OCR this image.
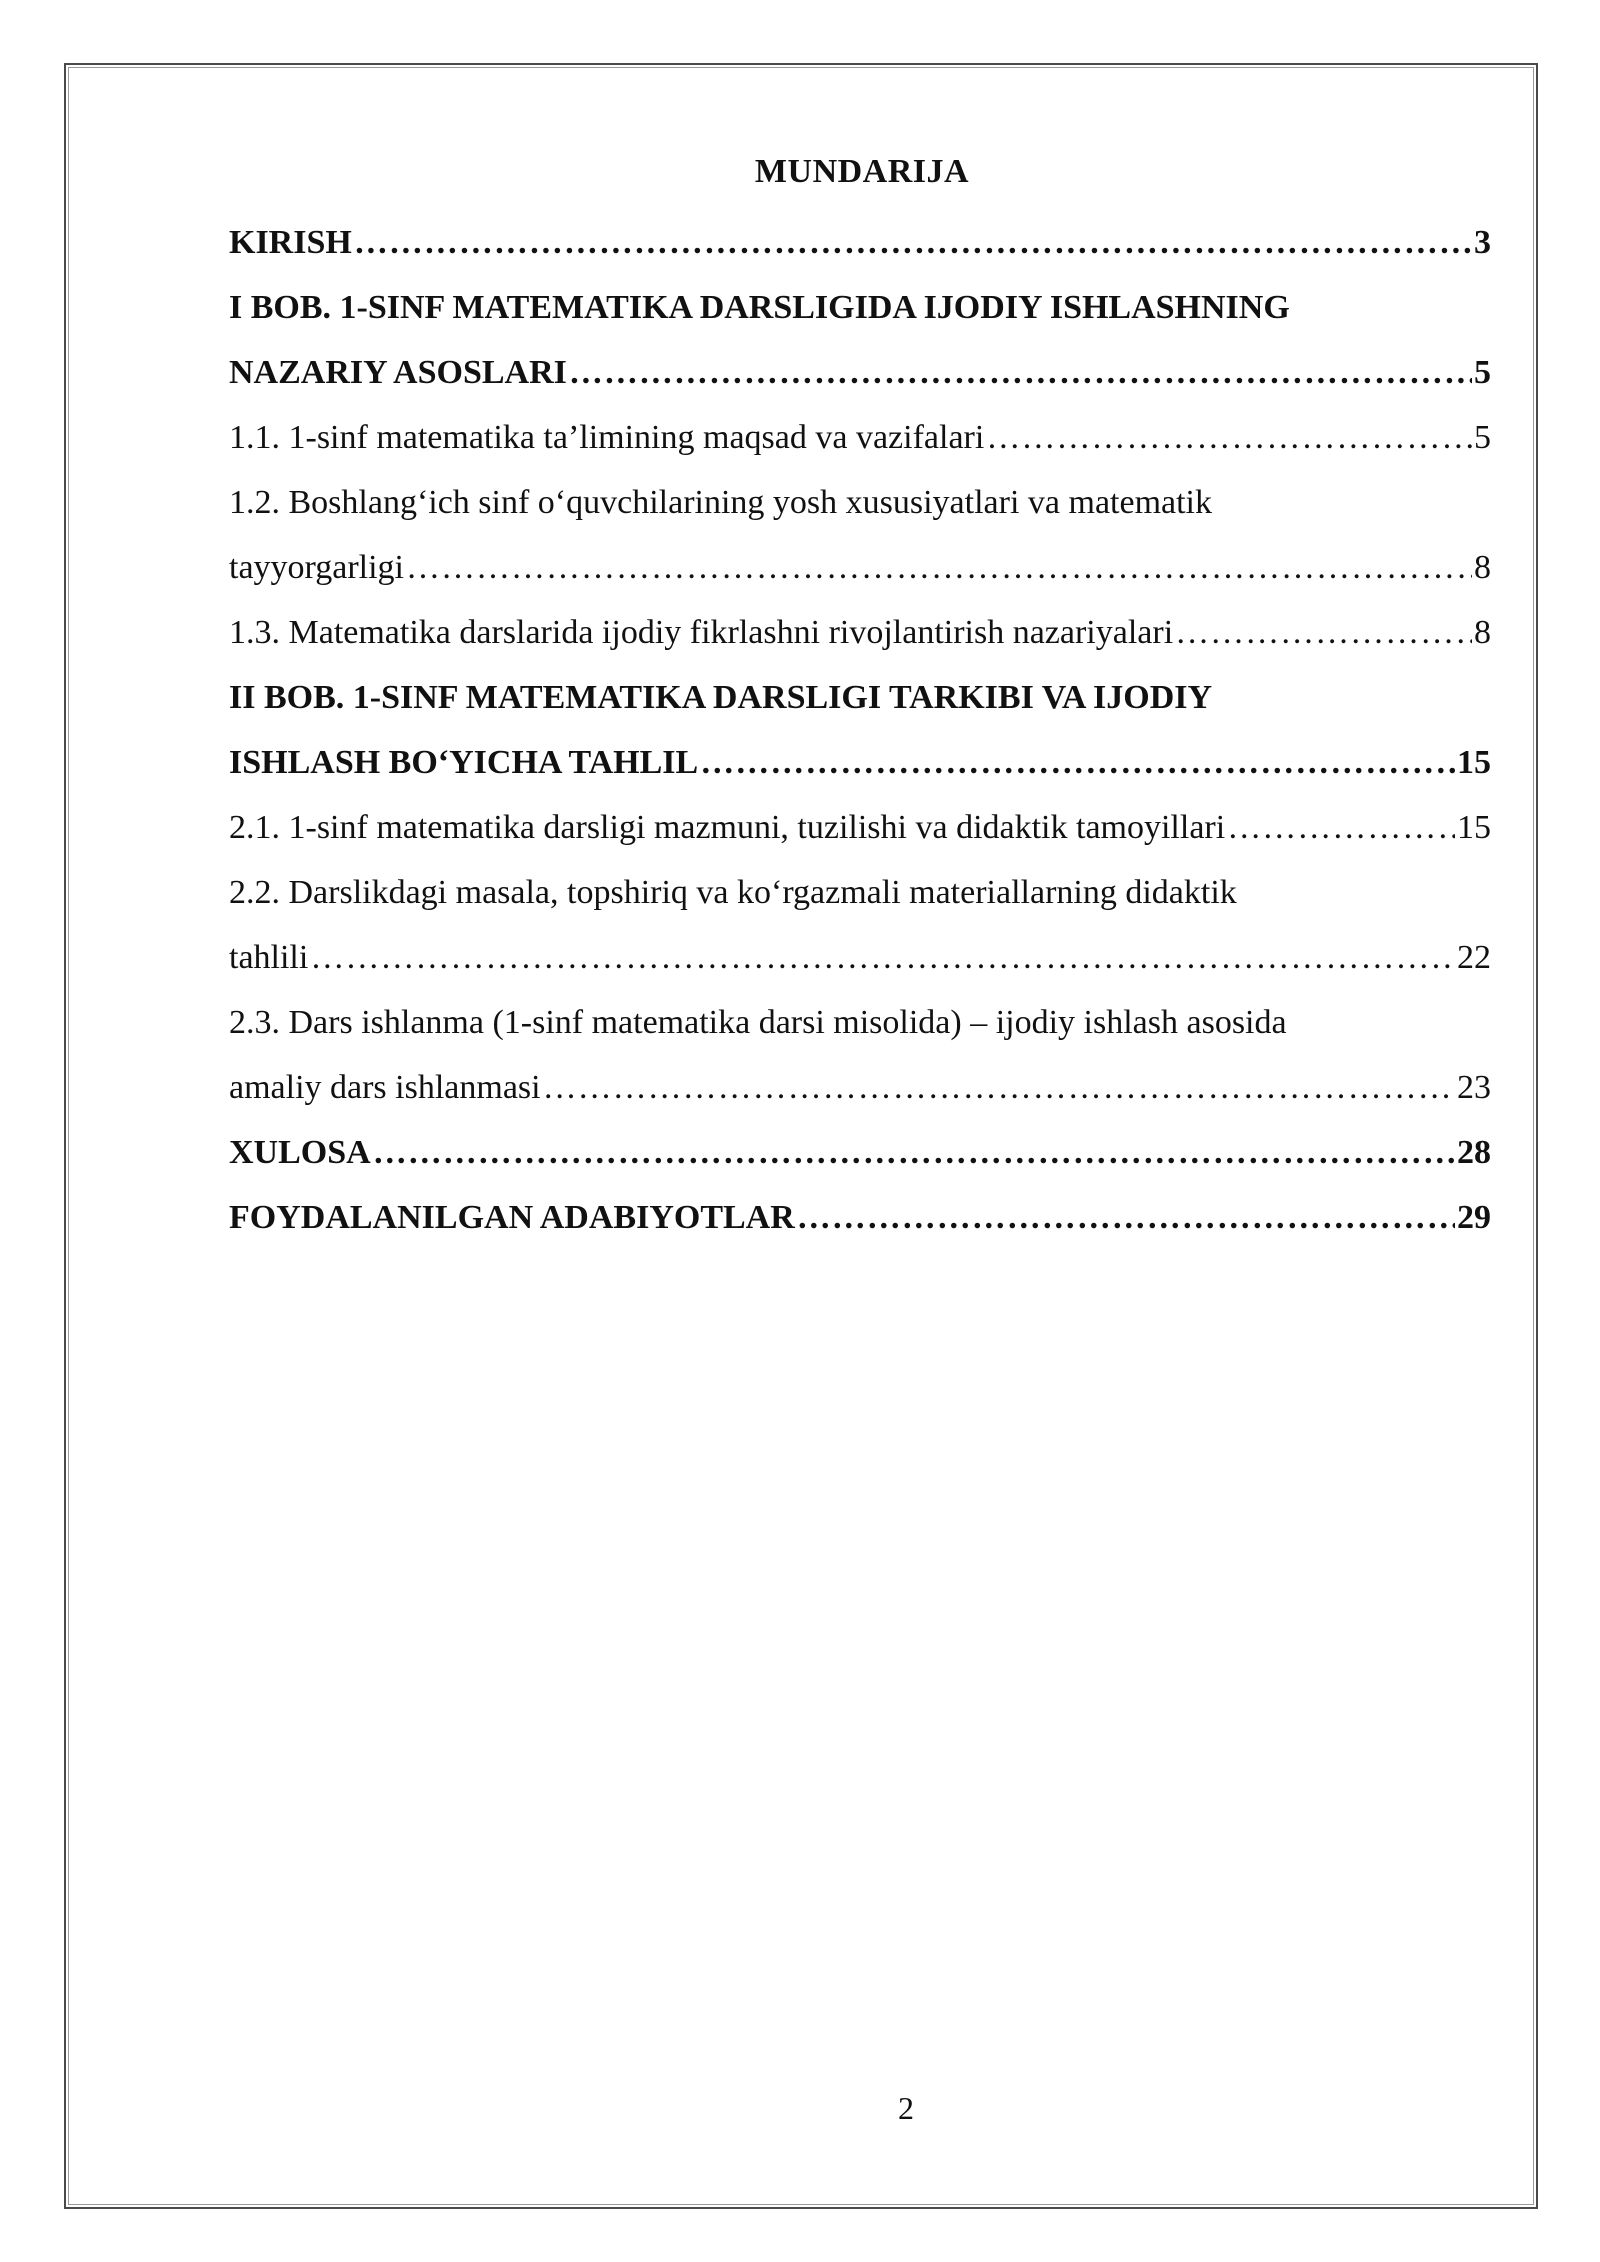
MUNDARIJA
KIRISH ……………………………………………………………………………………………………………………………………………………………	3
I BOB. 1-SINF MATEMATIKA DARSLIGIDA IJODIY ISHLASHNING
NAZARIY ASOSLARI ……………………………………………………………………………………………………………………………………………………………	5
1.1. 1-sinf matematika ta’limining maqsad va vazifalari ……………………………………………………………………………………………………………………………………………………………	5
1.2. Boshlang‘ich sinf o‘quvchilarining yosh xususiyatlari va matematik
tayyorgarligi ……………………………………………………………………………………………………………………………………………………………	8
1.3. Matematika darslarida ijodiy fikrlashni rivojlantirish nazariyalari ……………………………………………………………………………………………………………………………………………………………	8
II BOB. 1-SINF MATEMATIKA DARSLIGI TARKIBI VA IJODIY
ISHLASH BO‘YICHA TAHLIL ……………………………………………………………………………………………………………………………………………………………	15
2.1. 1-sinf matematika darsligi mazmuni, tuzilishi va didaktik tamoyillari ……………………………………………………………………………………………………………………………………………………………	15
2.2. Darslikdagi masala, topshiriq va ko‘rgazmali materiallarning didaktik
tahlili ……………………………………………………………………………………………………………………………………………………………	22
2.3. Dars ishlanma (1-sinf matematika darsi misolida) – ijodiy ishlash asosida
amaliy dars ishlanmasi ……………………………………………………………………………………………………………………………………………………………	23
XULOSA ……………………………………………………………………………………………………………………………………………………………	28
FOYDALANILGAN ADABIYOTLAR ……………………………………………………………………………………………………………………………………………………………	29
2
